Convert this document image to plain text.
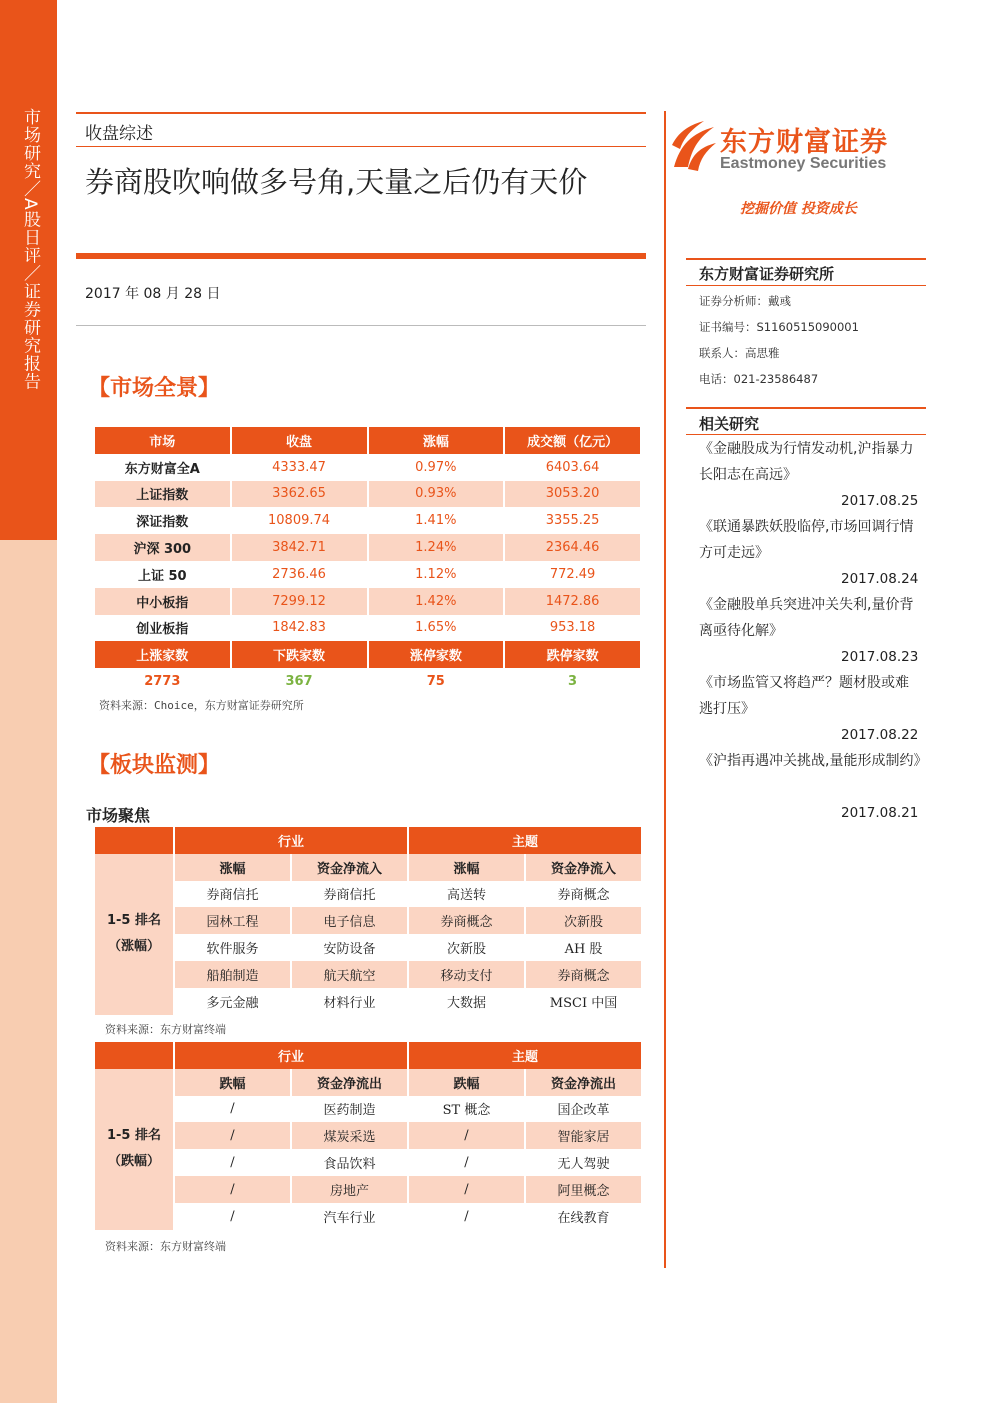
市场研究／A股日评／证券研究报告	收盘综述
券商股吹响做多号角,天量之后仍有天价
2017 年 08 月 28 日
【市场全景】
市场	收盘	涨幅	成交额（亿元）
东方财富全A	4333.47	0.97%	6403.64
上证指数	3362.65	0.93%	3053.20
深证指数	10809.74	1.41%	3355.25
沪深 300	3842.71	1.24%	2364.46
上证 50	2736.46	1.12%	772.49
中小板指	7299.12	1.42%	1472.86
创业板指	1842.83	1.65%	953.18
上涨家数	下跌家数	涨停家数	跌停家数
2773	367	75	3
资料来源：Choice，东方财富证券研究所
【板块监测】
市场聚焦
	行业		主题	
1-5 排名（涨幅）	涨幅	资金净流入	涨幅	资金净流入
	券商信托	券商信托	高送转	券商概念
	园林工程	电子信息	券商概念	次新股
	软件服务	安防设备	次新股	AH 股
	船舶制造	航天航空	移动支付	券商概念
	多元金融	材料行业	大数据	MSCI 中国
资料来源：东方财富终端
	行业		主题	
1-5 排名（跌幅）	跌幅	资金净流出	跌幅	资金净流出
	/	医药制造	ST 概念	国企改革
	/	煤炭采选	/	智能家居
	/	食品饮料	/	无人驾驶
	/	房地产	/	阿里概念
	/	汽车行业	/	在线教育
资料来源：东方财富终端
东方财富证券
Eastmoney Securities
挖掘价值 投资成长
东方财富证券研究所
证券分析师：戴彧
证书编号：S1160515090001
联系人：高思雅
电话：021-23586487
相关研究
《金融股成为行情发动机,沪指暴力长阳志在高远》
2017.08.25
《联通暴跌妖股临停,市场回调行情方可走远》
2017.08.24
《金融股单兵突进冲关失利,量价背离亟待化解》
2017.08.23
《市场监管又将趋严？题材股或难逃打压》
2017.08.22
《沪指再遇冲关挑战,量能形成制约》
2017.08.21
